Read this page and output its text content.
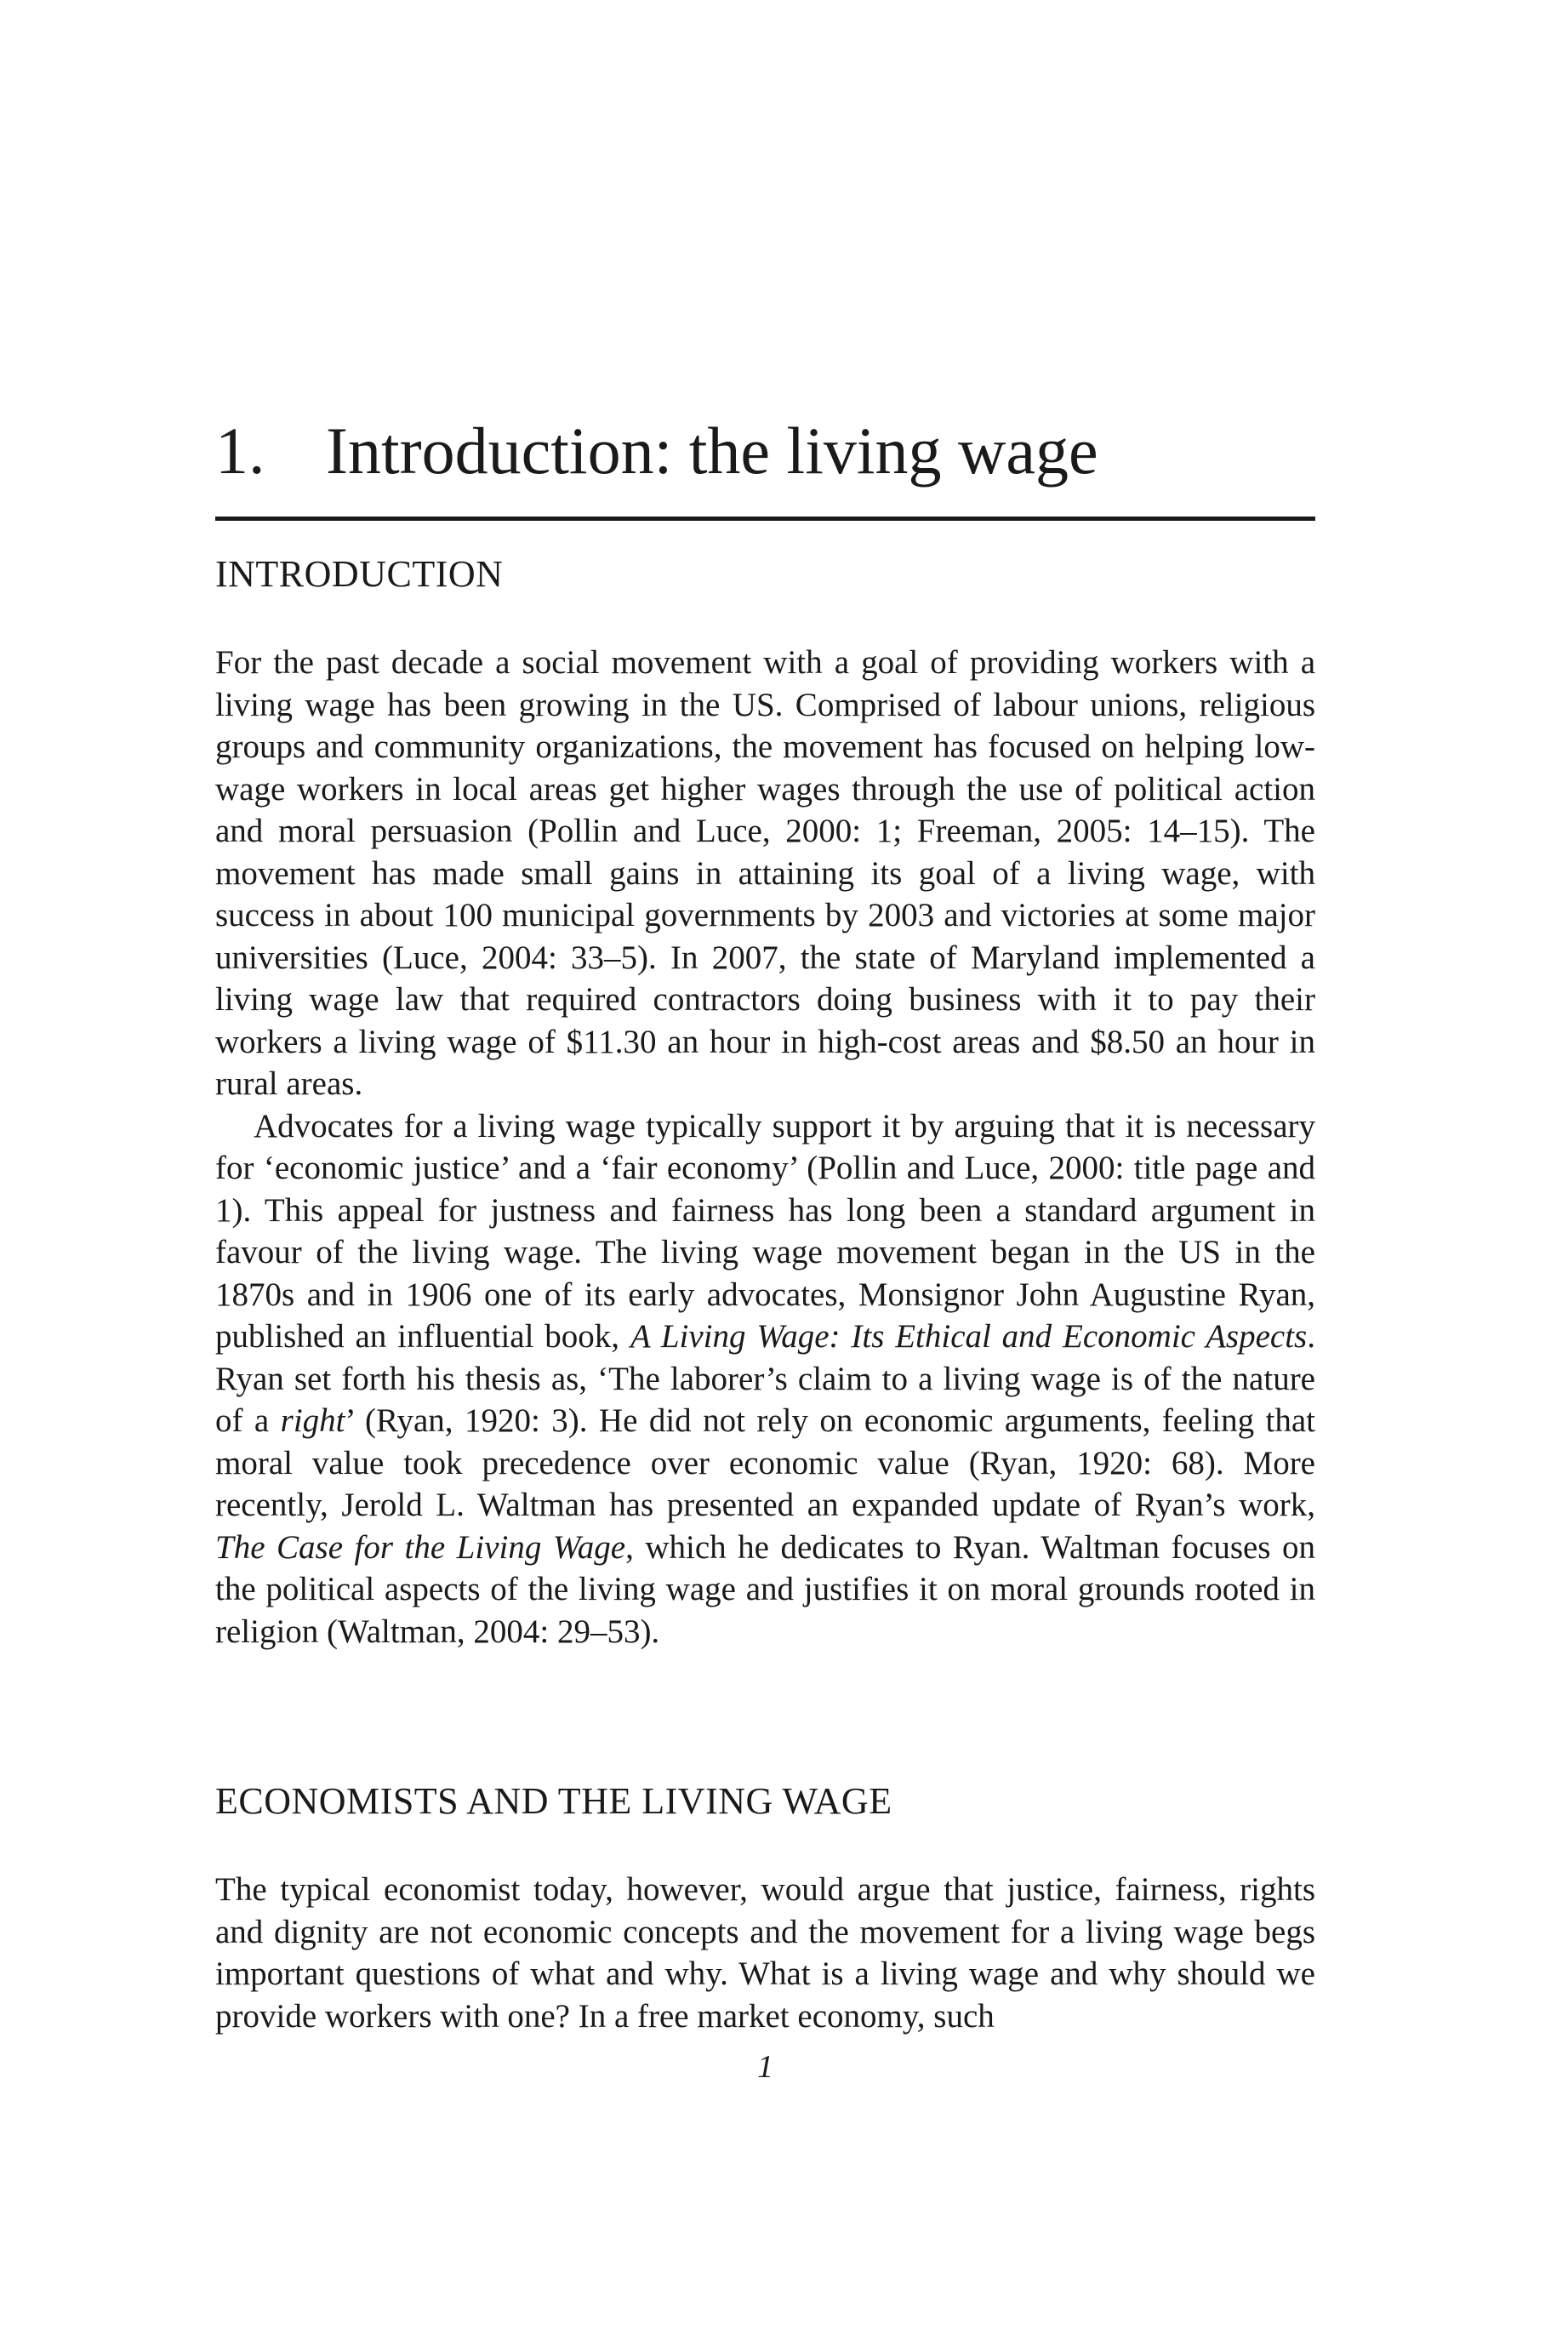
1. Introduction: the living wage
INTRODUCTION

For the past decade a social movement with a goal of providing workers with a living wage has been growing in the US. Comprised of labour unions, religious groups and community organizations, the movement has focused on helping low-wage workers in local areas get higher wages through the use of political action and moral persuasion (Pollin and Luce, 2000: 1; Freeman, 2005: 14–15). The movement has made small gains in attaining its goal of a living wage, with success in about 100 municipal governments by 2003 and victories at some major universities (Luce, 2004: 33–5). In 2007, the state of Maryland implemented a living wage law that required contractors doing business with it to pay their workers a living wage of $11.30 an hour in high-cost areas and $8.50 an hour in rural areas.

Advocates for a living wage typically support it by arguing that it is necessary for ‘economic justice’ and a ‘fair economy’ (Pollin and Luce, 2000: title page and 1). This appeal for justness and fairness has long been a standard argument in favour of the living wage. The living wage movement began in the US in the 1870s and in 1906 one of its early advocates, Monsignor John Augustine Ryan, published an influential book, A Living Wage: Its Ethical and Economic Aspects. Ryan set forth his thesis as, ‘The laborer’s claim to a living wage is of the nature of a right’ (Ryan, 1920: 3). He did not rely on economic arguments, feeling that moral value took precedence over economic value (Ryan, 1920: 68). More recently, Jerold L. Waltman has presented an expanded update of Ryan’s work, The Case for the Living Wage, which he dedicates to Ryan. Waltman focuses on the political aspects of the living wage and justifies it on moral grounds rooted in religion (Waltman, 2004: 29–53).

ECONOMISTS AND THE LIVING WAGE

The typical economist today, however, would argue that justice, fairness, rights and dignity are not economic concepts and the movement for a living wage begs important questions of what and why. What is a living wage and why should we provide workers with one? In a free market economy, such

1
